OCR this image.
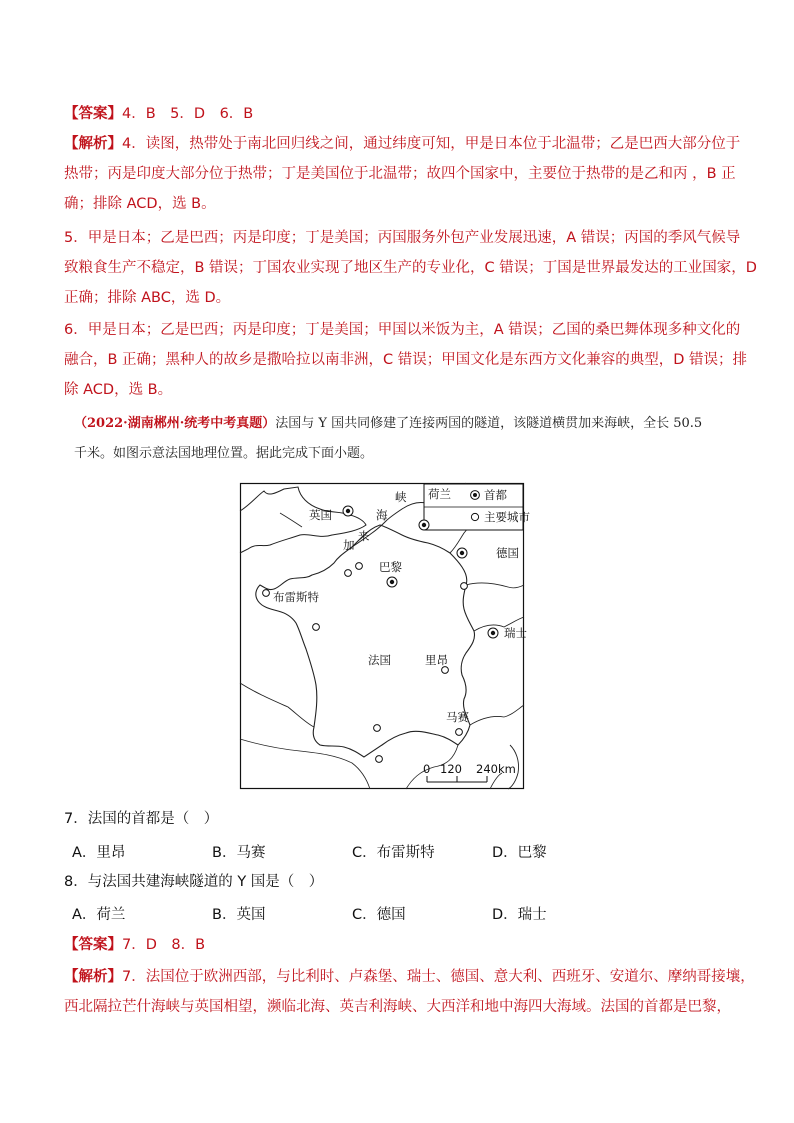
【答案】4．B　5．D　6．B
【解析】4．读图，热带处于南北回归线之间，通过纬度可知，甲是日本位于北温带；乙是巴西大部分位于
热带；丙是印度大部分位于热带；丁是美国位于北温带；故四个国家中，主要位于热带的是乙和丙 ，B 正
确；排除 ACD，选 B。
5．甲是日本；乙是巴西；丙是印度；丁是美国；丙国服务外包产业发展迅速，A 错误；丙国的季风气候导
致粮食生产不稳定，B 错误；丁国农业实现了地区生产的专业化，C 错误；丁国是世界最发达的工业国家，D
正确；排除 ABC，选 D。
6．甲是日本；乙是巴西；丙是印度；丁是美国；甲国以米饭为主，A 错误；乙国的桑巴舞体现多种文化的
融合，B 正确；黑种人的故乡是撒哈拉以南非洲，C 错误；甲国文化是东西方文化兼容的典型，D 错误；排
除 ACD，选 B。
（2022·湖南郴州·统考中考真题）法国与 Y 国共同修建了连接两国的隧道，该隧道横贯加来海峡，全长 50.5
千米。如图示意法国地理位置。据此完成下面小题。
首都
主要城市
荷兰
英国
峡
海
来
加
巴黎
德国
布雷斯特
瑞士
法国	里昂
马赛
0 120 240km
7．法国的首都是（　）
A．里昂	B．马赛	C．布雷斯特	D．巴黎
8．与法国共建海峡隧道的 Y 国是（　）
A．荷兰	B．英国	C．德国	D．瑞士
【答案】7．D　8．B
【解析】7．法国位于欧洲西部，与比利时、卢森堡、瑞士、德国、意大利、西班牙、安道尔、摩纳哥接壤，
西北隔拉芒什海峡与英国相望，濒临北海、英吉利海峡、大西洋和地中海四大海域。法国的首都是巴黎，
